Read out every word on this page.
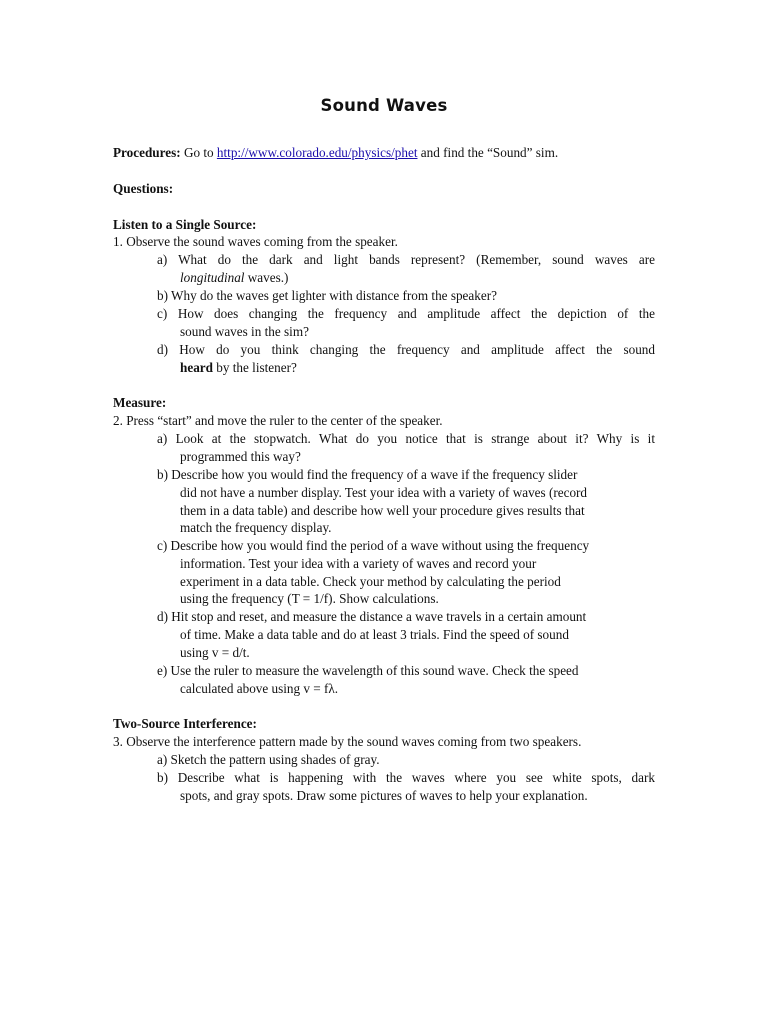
Sound Waves
Procedures: Go to http://www.colorado.edu/physics/phet and find the “Sound” sim.
Questions:
Listen to a Single Source:
1. Observe the sound waves coming from the speaker.
a) What do the dark and light bands represent? (Remember, sound waves are
longitudinal waves.)
b) Why do the waves get lighter with distance from the speaker?
c) How does changing the frequency and amplitude affect the depiction of the
sound waves in the sim?
d) How do you think changing the frequency and amplitude affect the sound
heard by the listener?
Measure:
2. Press “start” and move the ruler to the center of the speaker.
a) Look at the stopwatch. What do you notice that is strange about it? Why is it
programmed this way?
b) Describe how you would find the frequency of a wave if the frequency slider
did not have a number display. Test your idea with a variety of waves (record
them in a data table) and describe how well your procedure gives results that
match the frequency display.
c) Describe how you would find the period of a wave without using the frequency
information. Test your idea with a variety of waves and record your
experiment in a data table. Check your method by calculating the period
using the frequency (T = 1/f). Show calculations.
d) Hit stop and reset, and measure the distance a wave travels in a certain amount
of time. Make a data table and do at least 3 trials. Find the speed of sound
using v = d/t.
e) Use the ruler to measure the wavelength of this sound wave. Check the speed
calculated above using v = fλ.
Two-Source Interference:
3. Observe the interference pattern made by the sound waves coming from two speakers.
a) Sketch the pattern using shades of gray.
b) Describe what is happening with the waves where you see white spots, dark
spots, and gray spots. Draw some pictures of waves to help your explanation.
